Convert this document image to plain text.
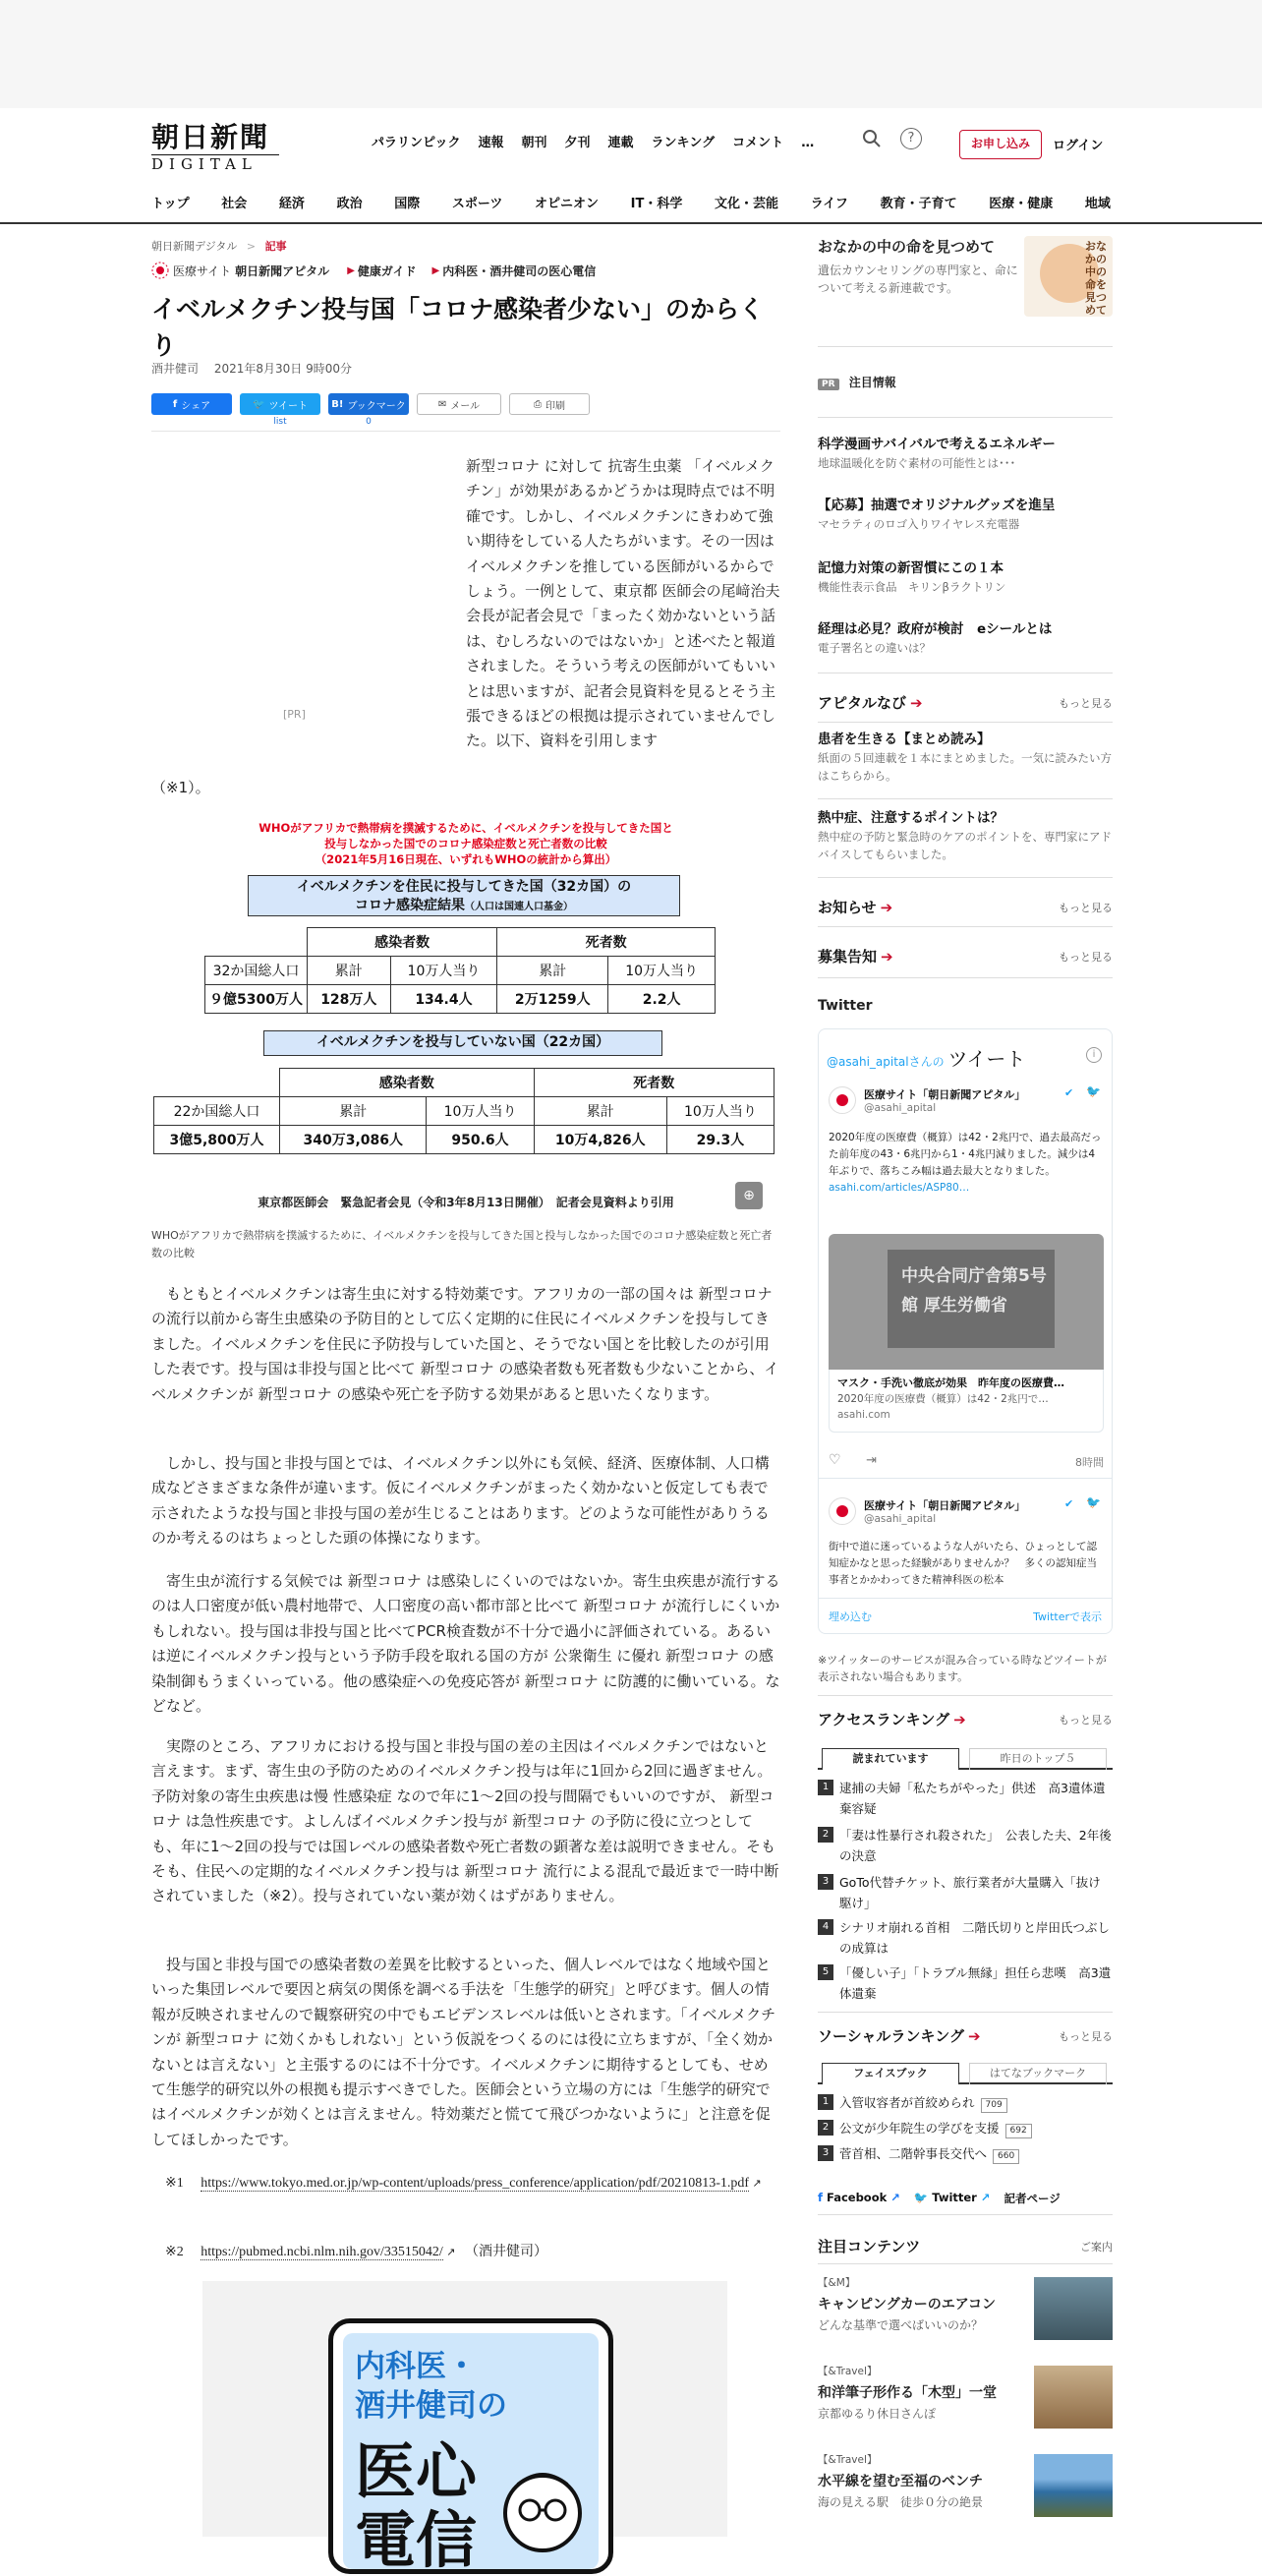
朝日新聞
DIGITAL
パラリンピック 速報 朝刊 夕刊 連載 ランキング コメント …	?	お申し込み	ログイン
トップ	社会	経済	政治	国際	スポーツ	オピニオン	IT・科学	文化・芸能	ライフ	教育・子育て	医療・健康	地域
朝日新聞デジタル > 記事
医療サイト 朝日新聞アピタル ▶ 健康ガイド ▶ 内科医・酒井健司の医心電信
イベルメクチン投与国「コロナ感染者少ない」のからくり
酒井健司 2021年8月30日 9時00分
f シェア	🐦 ツイート
list
B! ブックマーク
0
✉ メール	⎙ 印刷
[PR]

新型コロナ に対して 抗寄生虫薬 「イベルメクチン」が効果があるかどうかは現時点では不明確です。しかし、イベルメクチンにきわめて強い期待をしている人たちがいます。その一因はイベルメクチンを推している医師がいるからでしょう。一例として、東京都 医師会の尾﨑治夫会長が記者会見で「まったく効かないという話は、むしろないのではないか」と述べたと報道されました。そういう考えの医師がいてもいいとは思いますが、記者会見資料を見るとそう主張できるほどの根拠は提示されていませんでした。以下、資料を引用します

（※1）。

WHOがアフリカで熱帯病を撲滅するために、イベルメクチンを投与してきた国と
投与しなかった国でのコロナ感染症数と死亡者数の比較
（2021年5月16日現在、いずれもWHOの統計から算出）
イベルメクチンを住民に投与してきた国（32カ国）の
コロナ感染症結果（人口は国連人口基金）
	感染者数		死者数	
32か国総人口	累計	10万人当り	累計	10万人当り
９億5300万人	128万人	134.4人	2万1259人	2.2人
イベルメクチンを投与していない国（22カ国）
	感染者数		死者数	
22か国総人口	累計	10万人当り	累計	10万人当り
3億5,800万人	340万3,086人	950.6人	10万4,826人	29.3人
東京都医師会　緊急記者会見（令和3年8月13日開催）　記者会見資料より引用	⊕
WHOがアフリカで熱帯病を撲滅するために、イベルメクチンを投与してきた国と投与しなかった国でのコロナ感染症数と死亡者数の比較

もともとイベルメクチンは寄生虫に対する特効薬です。アフリカの一部の国々は 新型コロナ の流行以前から寄生虫感染の予防目的として広く定期的に住民にイベルメクチンを投与してきました。イベルメクチンを住民に予防投与していた国と、そうでない国とを比較したのが引用した表です。投与国は非投与国と比べて 新型コロナ の感染者数も死者数も少ないことから、イベルメクチンが 新型コロナ の感染や死亡を予防する効果があると思いたくなります。

しかし、投与国と非投与国とでは、イベルメクチン以外にも気候、経済、医療体制、人口構成などさまざまな条件が違います。仮にイベルメクチンがまったく効かないと仮定しても表で示されたような投与国と非投与国の差が生じることはあります。どのような可能性がありうるのか考えるのはちょっとした頭の体操になります。

寄生虫が流行する気候では 新型コロナ は感染しにくいのではないか。寄生虫疾患が流行するのは人口密度が低い農村地帯で、人口密度の高い都市部と比べて 新型コロナ が流行しにくいかもしれない。投与国は非投与国と比べてPCR検査数が不十分で過小に評価されている。あるいは逆にイベルメクチン投与という予防手段を取れる国の方が 公衆衛生 に優れ 新型コロナ の感染制御もうまくいっている。他の感染症への免疫応答が 新型コロナ に防護的に働いている。などなど。

実際のところ、アフリカにおける投与国と非投与国の差の主因はイベルメクチンではないと言えます。まず、寄生虫の予防のためのイベルメクチン投与は年に1回から2回に過ぎません。予防対象の寄生虫疾患は慢 性感染症 なので年に1〜2回の投与間隔でもいいのですが、 新型コロナ は急性疾患です。よしんばイベルメクチン投与が 新型コロナ の予防に役に立つとしても、年に1〜2回の投与では国レベルの感染者数や死亡者数の顕著な差は説明できません。そもそも、住民への定期的なイベルメクチン投与は 新型コロナ 流行による混乱で最近まで一時中断されていました（※2）。投与されていない薬が効くはずがありません。

投与国と非投与国での感染者数の差異を比較するといった、個人レベルではなく地域や国といった集団レベルで要因と病気の関係を調べる手法を「生態学的研究」と呼びます。個人の情報が反映されませんので観察研究の中でもエビデンスレベルは低いとされます。「イベルメクチンが 新型コロナ に効くかもしれない」という仮説をつくるのには役に立ちますが、「全く効かないとは言えない」と主張するのには不十分です。イベルメクチンに期待するとしても、せめて生態学的研究以外の根拠も提示すべきでした。医師会という立場の方には「生態学的研究ではイベルメクチンが効くとは言えません。特効薬だと慌てて飛びつかないように」と注意を促してほしかったです。

※1 https://www.tokyo.med.or.jp/wp-content/uploads/press_conference/application/pdf/20210813-1.pdf ↗
※2 https://pubmed.ncbi.nlm.nih.gov/33515042/ ↗ （酒井健司）
内科医・
酒井健司の
医心
電信
おなかの中の命を見つめて
遺伝カウンセリングの専門家と、命について考える新連載です。
おなかの中の命を見つめて
PR 注目情報
科学漫画サバイバルで考えるエネルギー
地球温暖化を防ぐ素材の可能性とは･･･
【応募】抽選でオリジナルグッズを進呈
マセラティのロゴ入りワイヤレス充電器
記憶力対策の新習慣にこの１本
機能性表示食品　キリンβラクトリン
経理は必見？政府が検討　eシールとは
電子署名との違いは？
アピタルなび ➔	もっと見る
患者を生きる【まとめ読み】
紙面の５回連載を１本にまとめました。一気に読みたい方はこちらから。
熱中症、注意するポイントは？
熱中症の予防と緊急時のケアのポイントを、専門家にアドバイスしてもらいました。
お知らせ ➔	もっと見る
募集告知 ➔	もっと見る
Twitter
@asahi_apitalさんの ツイート	i
医療サイト「朝日新聞アピタル」	✔
@asahi_apital
🐦
2020年度の医療費（概算）は42・2兆円で、過去最高だった前年度の43・6兆円から1・4兆円減りました。減少は4年ぶりで、落ちこみ幅は過去最大となりました。 asahi.com/articles/ASP80…
中央合同庁舎第5号館 厚生労働省
マスク・手洗い徹底が効果　昨年度の医療費…
2020年度の医療費（概算）は42・2兆円で…
asahi.com
♡ ⇥	8時間
医療サイト「朝日新聞アピタル」	✔
@asahi_apital
🐦
街中で道に迷っているような人がいたら、ひょっとして認知症かなと思った経験がありませんか？　多くの認知症当事者とかかわってきた精神科医の松本
埋め込む	Twitterで表示
※ツイッターのサービスが混み合っている時などツイートが表示されない場合もあります。
アクセスランキング ➔	もっと見る
読まれています	昨日のトップ５
1 逮捕の夫婦「私たちがやった」供述　高3遺体遺棄容疑
2 「妻は性暴行され殺された」　公表した夫、2年後の決意
3 GoTo代替チケット、旅行業者が大量購入「抜け駆け」
4 シナリオ崩れる首相　二階氏切りと岸田氏つぶしの成算は
5 「優しい子」「トラブル無縁」担任ら悲嘆　高3遺体遺棄
ソーシャルランキング ➔	もっと見る
フェイスブック	はてなブックマーク
1 入管収容者が首絞められ 709
2 公文が少年院生の学びを支援 692
3 菅首相、二階幹事長交代へ 660
f Facebook ↗ 🐦 Twitter ↗ 記者ページ
注目コンテンツ	ご案内
【&M】
キャンピングカーのエアコン
どんな基準で選べばいいのか？
【&Travel】
和洋筆子形作る「木型」一堂
京都ゆるり休日さんぽ
【&Travel】
水平線を望む至福のベンチ
海の見える駅　徒歩０分の絶景
